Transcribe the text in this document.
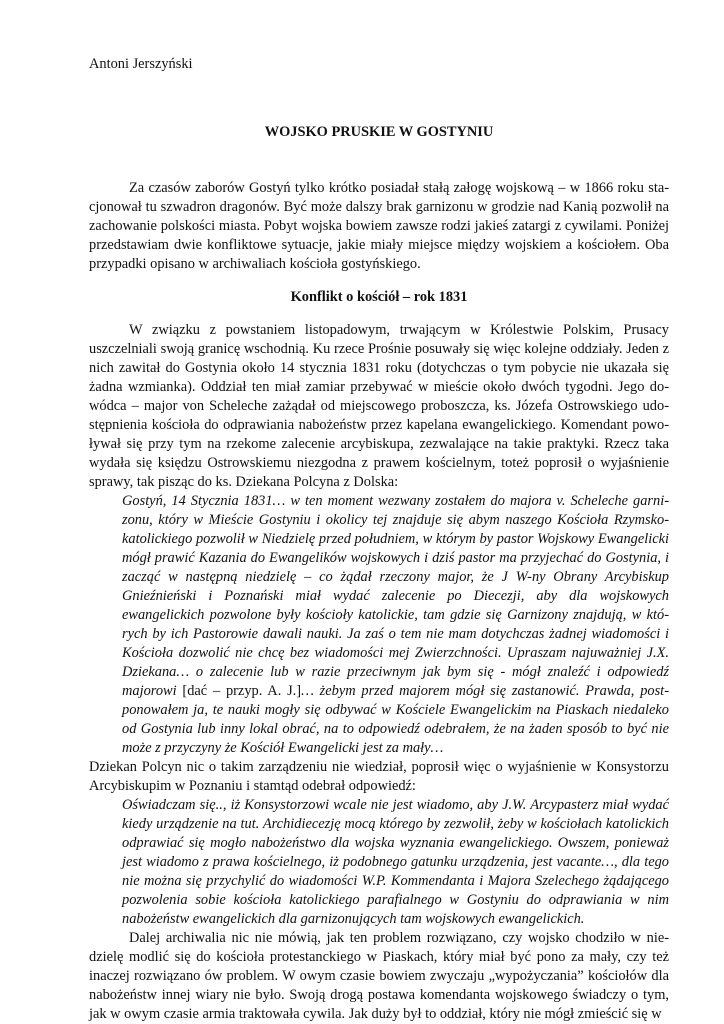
Antoni Jerszyński
WOJSKO PRUSKIE W GOSTYNIU

Za czasów zaborów Gostyń tylko krótko posiadał stałą załogę wojskową – w 1866 roku stacjonował tu szwadron dragonów. Być może dalszy brak garnizonu w grodzie nad Kanią pozwolił na zachowanie polskości miasta. Pobyt wojska bowiem zawsze rodzi jakieś zatargi z cywilami. Poniżej przedstawiam dwie konfliktowe sytuacje, jakie miały miejsce między wojskiem a kościołem. Oba przypadki opisano w archiwaliach kościoła gostyńskiego.

Konflikt o kościół – rok 1831

W związku z powstaniem listopadowym, trwającym w Królestwie Polskim, Prusacy uszczelniali swoją granicę wschodnią. Ku rzece Prośnie posuwały się więc kolejne oddziały. Jeden z nich zawitał do Gostynia około 14 stycznia 1831 roku (dotychczas o tym pobycie nie ukazała się żadna wzmianka). Oddział ten miał zamiar przebywać w mieście około dwóch tygodni. Jego dowódca – major von Scheleche zażądał od miejscowego proboszcza, ks. Józefa Ostrowskiego udostępnienia kościoła do odprawiania nabożeństw przez kapelana ewangelickiego. Komendant powoływał się przy tym na rzekome zalecenie arcybiskupa, zezwalające na takie praktyki. Rzecz taka wydała się księdzu Ostrowskiemu niezgodna z prawem kościelnym, toteż poprosił o wyjaśnienie sprawy, tak pisząc do ks. Dziekana Polcyna z Dolska:

Gostyń, 14 Stycznia 1831… w ten moment wezwany zostałem do majora v. Scheleche garnizonu, który w Mieście Gostyniu i okolicy tej znajduje się abym naszego Kościoła Rzymsko-katolickiego pozwolił w Niedzielę przed południem, w którym by pastor Wojskowy Ewangelicki mógł prawić Kazania do Ewangelików wojskowych i dziś pastor ma przyjechać do Gostynia, i zacząć w następną niedzielę – co żądał rzeczony major, że J W-ny Obrany Arcybiskup Gnieźnieński i Poznański miał wydać zalecenie po Diecezji, aby dla wojskowych ewangelickich pozwolone były kościoły katolickie, tam gdzie się Garnizony znajdują, w których by ich Pastorowie dawali nauki. Ja zaś o tem nie mam dotychczas żadnej wiadomości i Kościoła dozwolić nie chcę bez wiadomości mej Zwierzchności. Upraszam najuważniej J.X. Dziekana… o zalecenie lub w razie przeciwnym jak bym się - mógł znaleźć i odpowiedź majorowi [dać – przyp. A. J.]… żebym przed majorem mógł się zastanowić. Prawda, postponowałem ja, te nauki mogły się odbywać w Kościele Ewangelickim na Piaskach niedaleko od Gostynia lub inny lokal obrać, na to odpowiedź odebrałem, że na żaden sposób to być nie może z przyczyny że Kościół Ewangelicki jest za mały…

Dziekan Polcyn nic o takim zarządzeniu nie wiedział, poprosił więc o wyjaśnienie w Konsystorzu Arcybiskupim w Poznaniu i stamtąd odebrał odpowiedź:

Oświadczam się.., iż Konsystorzowi wcale nie jest wiadomo, aby J.W. Arcypasterz miał wydać kiedy urządzenie na tut. Archidiecezję mocą którego by zezwolił, żeby w kościołach katolickich odprawiać się mogło nabożeństwo dla wojska wyznania ewangelickiego. Owszem, ponieważ jest wiadomo z prawa kościelnego, iż podobnego gatunku urządzenia, jest vacante…, dla tego nie można się przychylić do wiadomości W.P. Kommendanta i Majora Szelechego żądającego pozwolenia sobie kościoła katolickiego parafialnego w Gostyniu do odprawiania w nim nabożeństw ewangelickich dla garnizonujących tam wojskowych ewangelickich.

Dalej archiwalia nic nie mówią, jak ten problem rozwiązano, czy wojsko chodziło w niedzielę modlić się do kościoła protestanckiego w Piaskach, który miał być pono za mały, czy też inaczej rozwiązano ów problem. W owym czasie bowiem zwyczaju „wypożyczania” kościołów dla nabożeństw innej wiary nie było. Swoją drogą postawa komendanta wojskowego świadczy o tym, jak w owym czasie armia traktowała cywila. Jak duży był to oddział, który nie mógł zmieścić się w
